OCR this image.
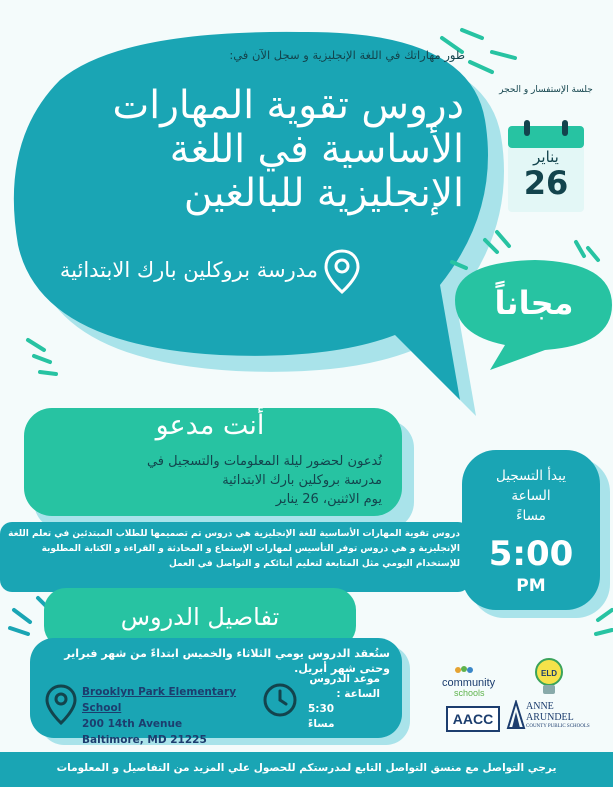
جلسة الإستفسار و الحجر
يناير
26
طور مهاراتك في اللغة الإنجليزية و سجل الآن في:
دروس تقوية المهارات
الأساسية في اللغة
الإنجليزية للبالغين
مدرسة بروكلين بارك الابتدائية
مجاناً
أنت مدعو
تُدعون لحضور ليلة المعلومات والتسجيل في
مدرسة بروكلين بارك الابتدائية
يوم الاثنين، 26 يناير
يبدأ التسجيل
الساعة
مساءً
5:00
PM
دروس تقوية المهارات الأساسية للغة الإنجليزية هي دروس تم تصميمها للطلاب المبتدئين في تعلم اللغة الإنجليزية و هي دروس توفر التأسيس لمهارات الإستماع و المحادثة و القراءة و الكتابة المطلوبة للإستخدام اليومي مثل المتابعة لتعليم أبنائكم و التواصل في العمل
تفاصيل الدروس
ستُعقد الدروس يومي الثلاثاء والخميس ابتداءً من شهر فبراير
وحتى شهر أبريل.
Brooklyn Park Elementary School
200 14th Avenue
Baltimore, MD 21225
موعد الدروس
الساعة :
5:30
مساءً
community
schools
ELD
AACC
ANNE
ARUNDEL
COUNTY PUBLIC SCHOOLS
يرجي التواصل مع منسق التواصل التابع لمدرستكم للحصول علي المزيد من التفاصيل و المعلومات
